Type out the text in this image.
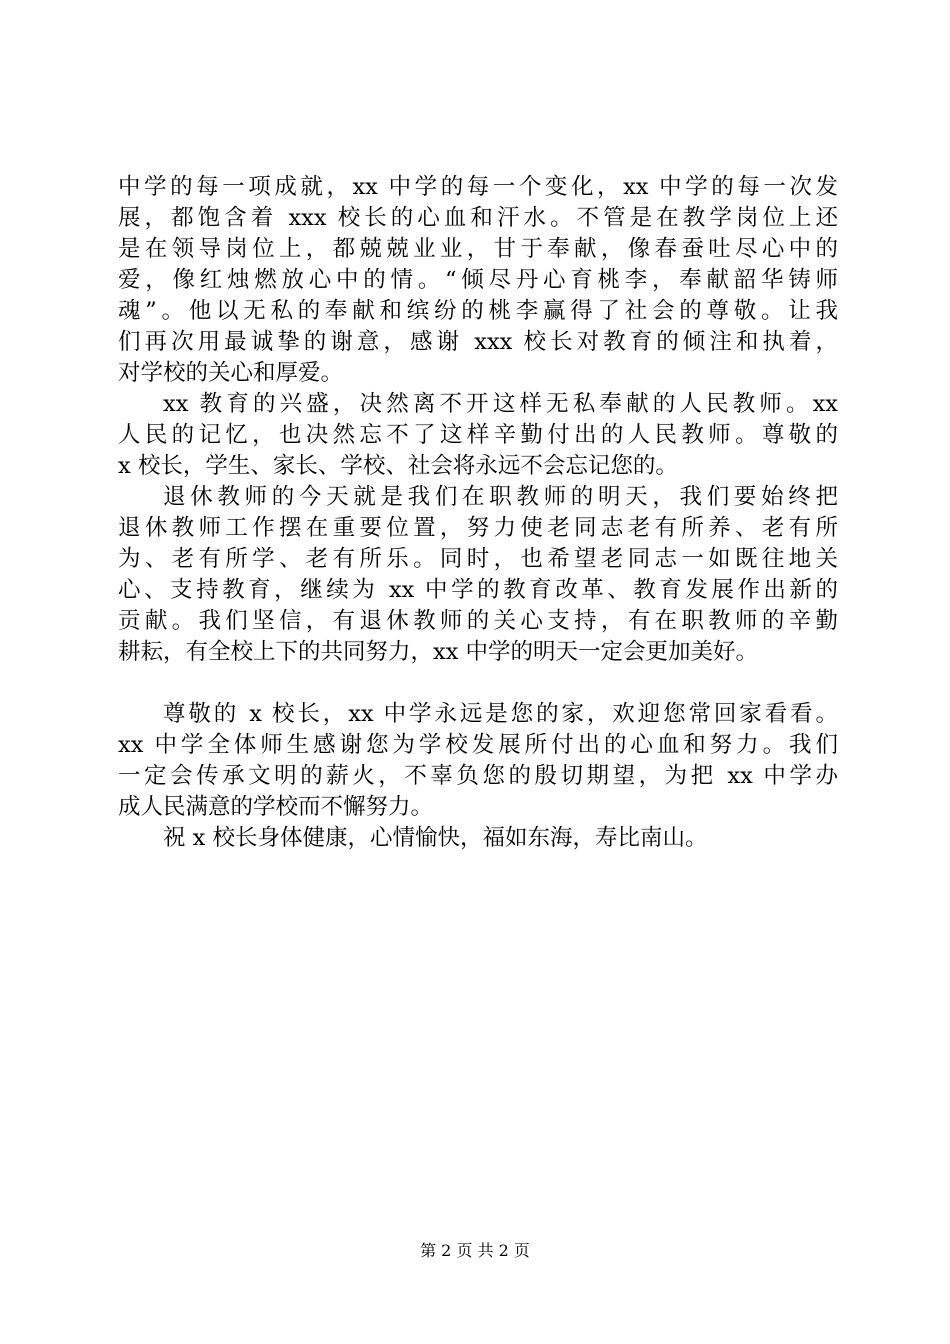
中学的每一项成就，xx 中学的每一个变化，xx 中学的每一次发
展，都饱含着 xxx 校长的心血和汗水。不管是在教学岗位上还
是在领导岗位上，都兢兢业业，甘于奉献，像春蚕吐尽心中的
爱，像红烛燃放心中的情。“倾尽丹心育桃李，奉献韶华铸师
魂”。他以无私的奉献和缤纷的桃李赢得了社会的尊敬。让我
们再次用最诚挚的谢意，感谢 xxx 校长对教育的倾注和执着，
对学校的关心和厚爱。
xx 教育的兴盛，决然离不开这样无私奉献的人民教师。xx
人民的记忆，也决然忘不了这样辛勤付出的人民教师。尊敬的
x 校长，学生、家长、学校、社会将永远不会忘记您的。
退休教师的今天就是我们在职教师的明天，我们要始终把
退休教师工作摆在重要位置，努力使老同志老有所养、老有所
为、老有所学、老有所乐。同时，也希望老同志一如既往地关
心、支持教育，继续为 xx 中学的教育改革、教育发展作出新的
贡献。我们坚信，有退休教师的关心支持，有在职教师的辛勤
耕耘，有全校上下的共同努力，xx 中学的明天一定会更加美好。
尊敬的 x 校长，xx 中学永远是您的家，欢迎您常回家看看。
xx 中学全体师生感谢您为学校发展所付出的心血和努力。我们
一定会传承文明的薪火，不辜负您的殷切期望，为把 xx 中学办
成人民满意的学校而不懈努力。
祝 x 校长身体健康，心情愉快，福如东海，寿比南山。
第 2 页 共 2 页
